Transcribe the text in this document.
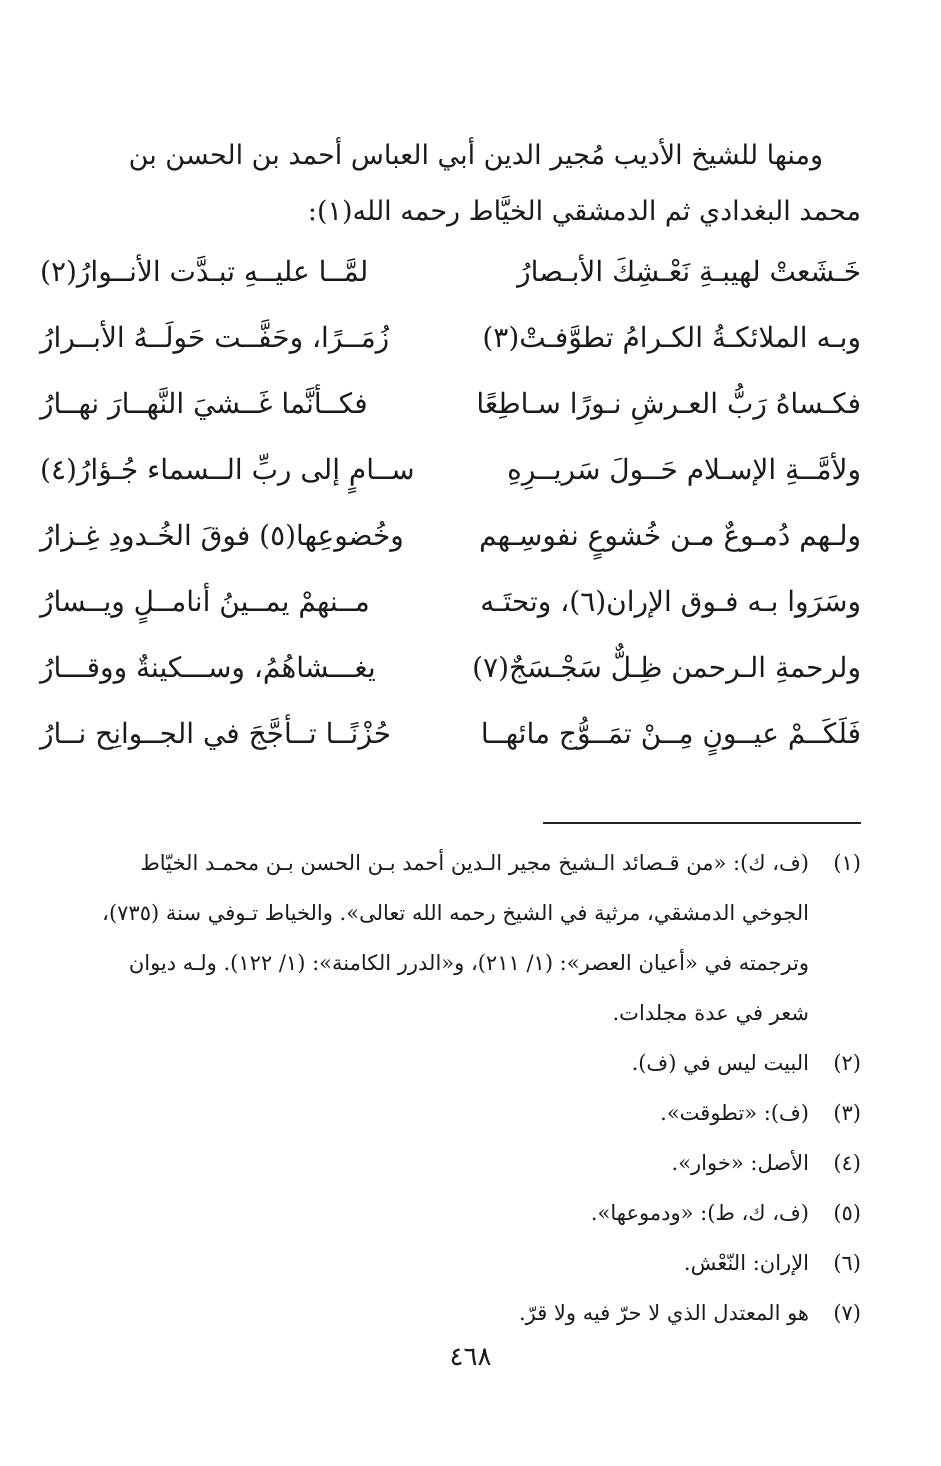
ومنها للشيخ الأديب مُجير الدين أبي العباس أحمد بن الحسن بن
محمد البغدادي ثم الدمشقي الخيَّاط رحمه الله(١):
خَـشَعتْ لهيبـةِ نَعْـشِكَ الأبـصارُ
لمَّــا عليــهِ تبـدَّت الأنــوارُ(٢)
وبـه الملائكـةُ الكـرامُ تطوَّفـتْ(٣)
زُمَــرًا، وحَفَّــت حَولَــهُ الأبــرارُ
فكـساهُ رَبُّ العـرشِ نـورًا سـاطِعًا
فكــأنَّما غَــشيَ النَّهــارَ نهــارُ
ولأمَّــةِ الإسـلام حَــولَ سَريــرِهِ
ســامٍ إلى ربِّ الــسماء جُـؤارُ(٤)
ولـهم دُمـوعٌ مـن خُشوعٍ نفوسِـهم
وخُضوعِها(٥) فوقَ الخُـدودِ غِـزارُ
وسَرَوا بـه فـوق الإران(٦)، وتحتَـه
مــنهمْ يمــينُ أنامــلٍ ويــسارُ
ولرحمةِ الـرحمن ظِـلٌّ سَجْـسَجٌ(٧)
يغـــشاهُمُ، وســـكينةٌ ووقـــارُ
فَلَكَــمْ عيــونٍ مِــنْ تمَــوُّج مائهــا
حُزْنًــا تــأجَّجَ في الجــوانِح نــارُ
(١)
(ف، ك): «من قـصائد الـشيخ مجير الـدين أحمد بـن الحسن بـن محمـد الخيّاط
الجوخي الدمشقي، مرثية في الشيخ رحمه الله تعالى». والخياط تـوفي سنة (٧٣٥)،
وترجمته في «أعيان العصر»: (١/ ٢١١)، و«الدرر الكامنة»: (١/ ١٢٢). ولـه ديوان
شعر في عدة مجلدات.
(٢)
البيت ليس في (ف).
(٣)
(ف): «تطوقت».
(٤)
الأصل: «خوار».
(٥)
(ف، ك، ط): «ودموعها».
(٦)
الإران: النّعْش.
(٧)
هو المعتدل الذي لا حرّ فيه ولا قرّ.
٤٦٨
